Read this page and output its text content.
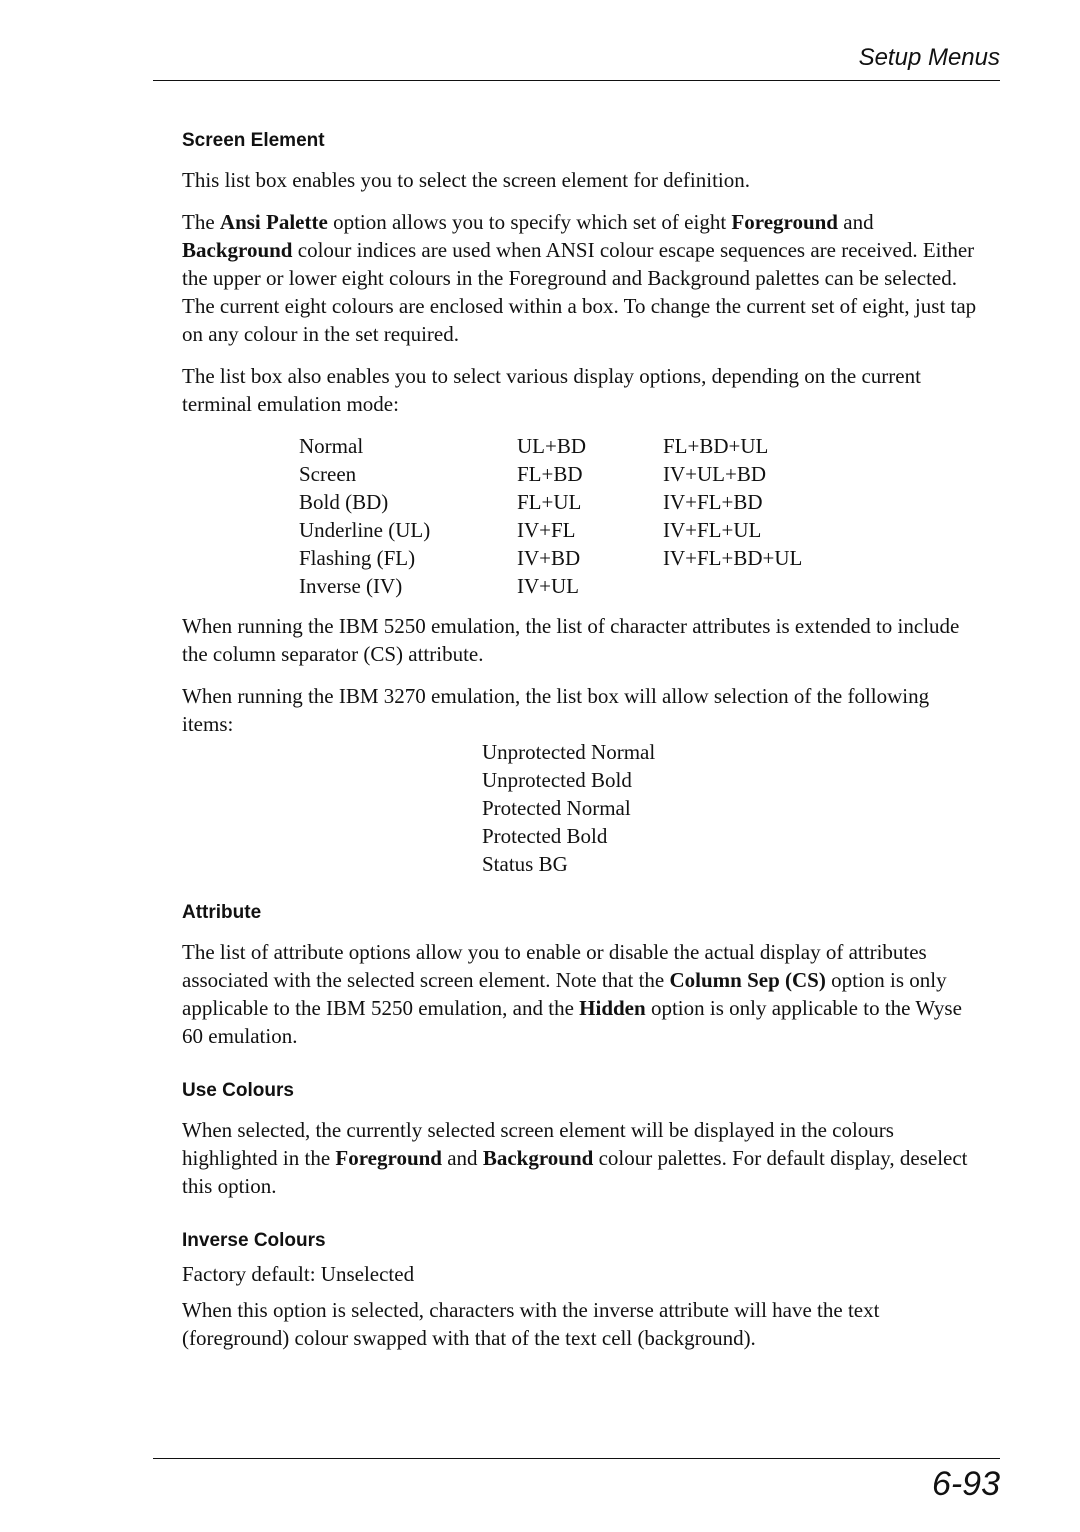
Setup Menus
Screen Element

This list box enables you to select the screen element for definition.

The Ansi Palette option allows you to specify which set of eight Foreground and Background colour indices are used when ANSI colour escape sequences are received. Either the upper or lower eight colours in the Foreground and Background palettes can be selected. The current eight colours are enclosed within a box. To change the current set of eight, just tap on any colour in the set required.

The list box also enables you to select various display options, depending on the current terminal emulation mode:

Normal	UL+BD	FL+BD+UL
Screen	FL+BD	IV+UL+BD
Bold (BD)	FL+UL	IV+FL+BD
Underline (UL)	IV+FL	IV+FL+UL
Flashing (FL)	IV+BD	IV+FL+BD+UL
Inverse (IV)	IV+UL	

When running the IBM 5250 emulation, the list of character attributes is extended to include the column separator (CS) attribute.

When running the IBM 3270 emulation, the list box will allow selection of the following items:

Unprotected Normal
Unprotected Bold
Protected Normal
Protected Bold
Status BG
Attribute

The list of attribute options allow you to enable or disable the actual display of attributes associated with the selected screen element. Note that the Column Sep (CS) option is only applicable to the IBM 5250 emulation, and the Hidden option is only applicable to the Wyse 60 emulation.

Use Colours

When selected, the currently selected screen element will be displayed in the colours highlighted in the Foreground and Background colour palettes. For default display, deselect this option.

Inverse Colours

Factory default: Unselected

When this option is selected, characters with the inverse attribute will have the text (foreground) colour swapped with that of the text cell (background).

6-93
